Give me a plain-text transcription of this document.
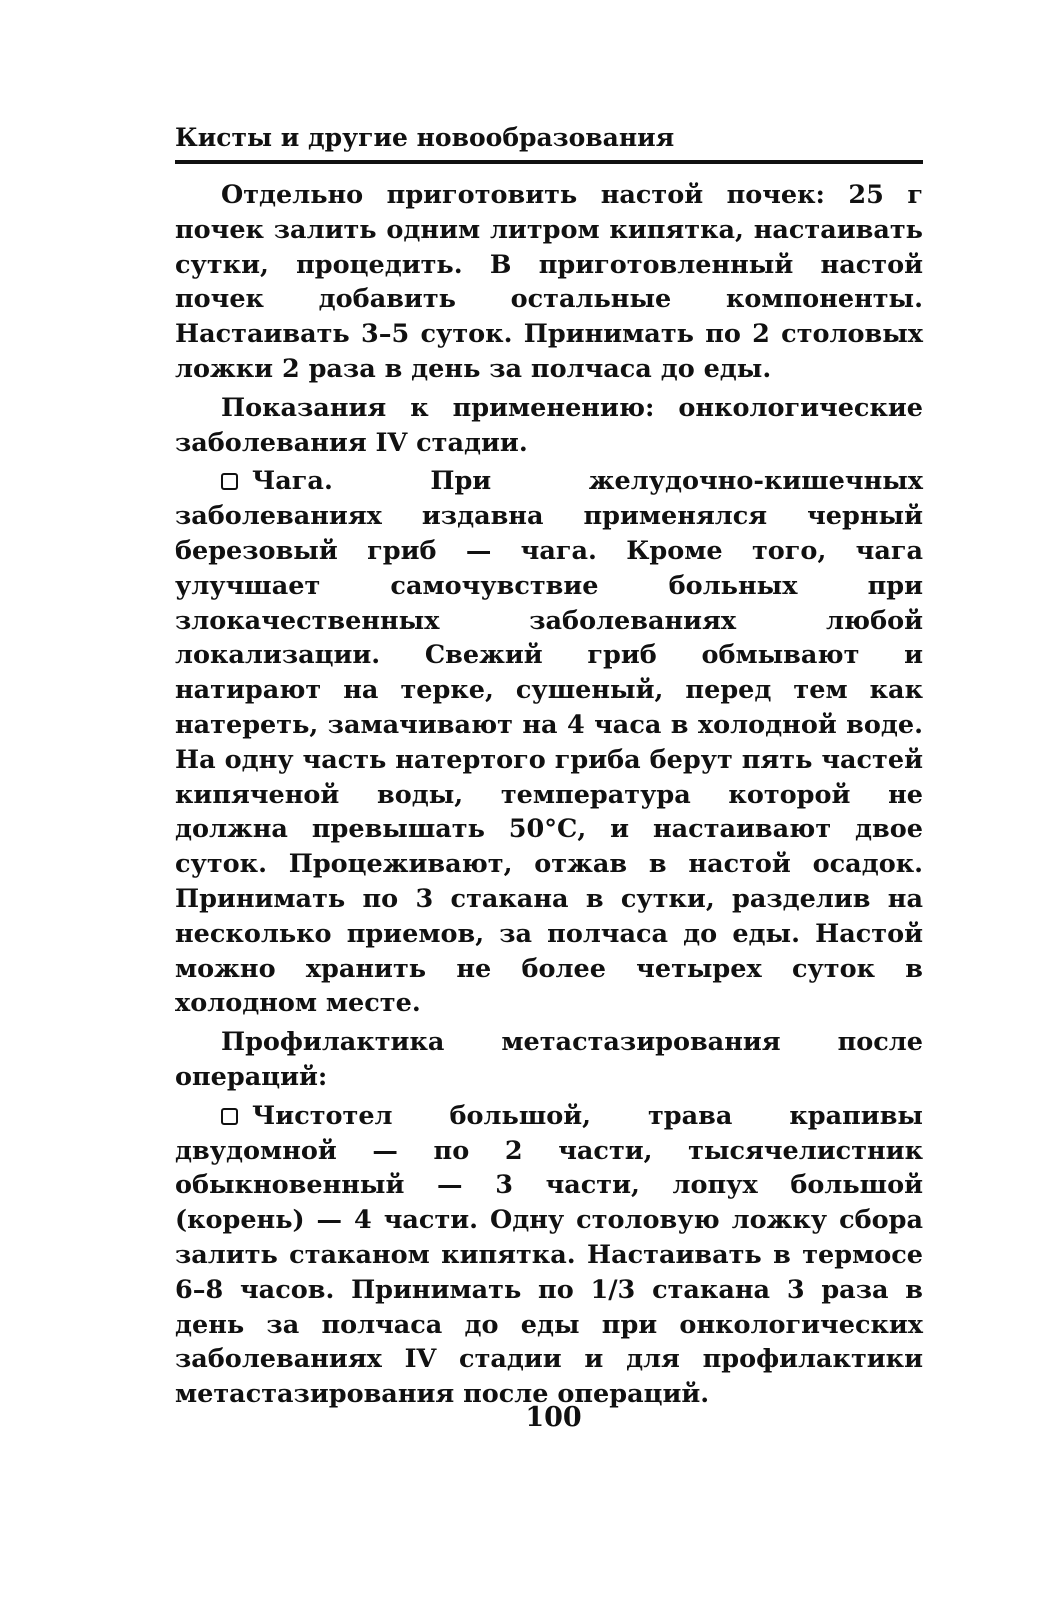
Кисты и другие новообразования

Отдельно приготовить настой почек: 25 г почек залить одним литром кипятка, настаивать сутки, процедить. В приготовленный настой почек добавить остальные компоненты. Настаивать 3–5 суток. Принимать по 2 столовых ложки 2 раза в день за полчаса до еды.

Показания к применению: онкологические заболевания IV стадии.

Чага. При желудочно-кишечных заболеваниях издавна применялся черный березовый гриб — чага. Кроме того, чага улучшает самочувствие больных при злокачественных заболеваниях любой локализации. Свежий гриб обмывают и натирают на терке, сушеный, перед тем как натереть, замачивают на 4 часа в холодной воде. На одну часть натертого гриба берут пять частей кипяченой воды, температура которой не должна превышать 50°С, и настаивают двое суток. Процеживают, отжав в настой осадок. Принимать по 3 стакана в сутки, разделив на несколько приемов, за полчаса до еды. Настой можно хранить не более четырех суток в холодном месте.

Профилактика метастазирования после операций:

Чистотел большой, трава крапивы двудомной — по 2 части, тысячелистник обыкновенный — 3 части, лопух большой (корень) — 4 части. Одну столовую ложку сбора залить стаканом кипятка. Настаивать в термосе 6–8 часов. Принимать по 1/3 стакана 3 раза в день за полчаса до еды при онкологических заболеваниях IV стадии и для профилактики метастазирования после операций.

100
